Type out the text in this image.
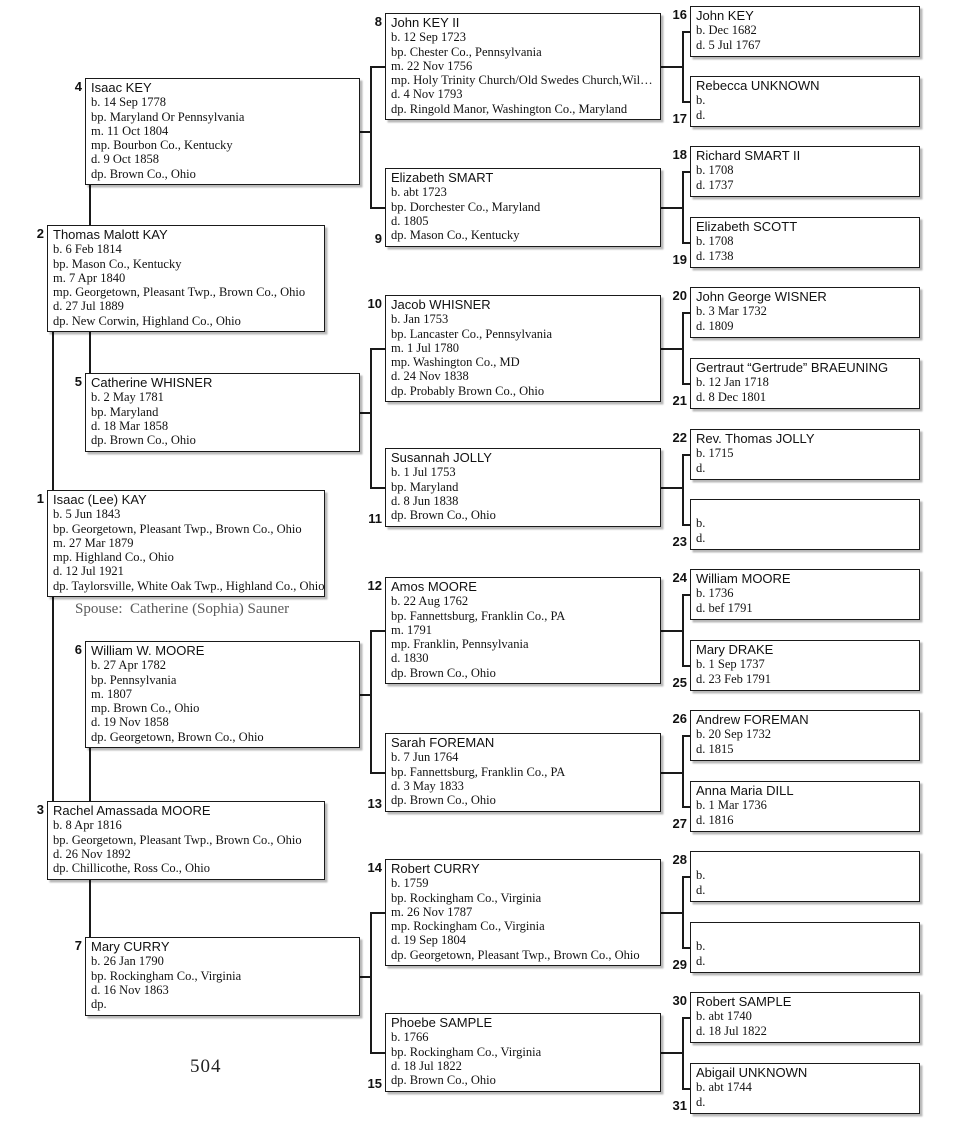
Spouse:  Catherine (Sophia) Sauner
504
Isaac (Lee) KAY
b. 5 Jun 1843
bp. Georgetown, Pleasant Twp., Brown Co., Ohio
m. 27 Mar 1879
mp. Highland Co., Ohio
d. 12 Jul 1921
dp. Taylorsville, White Oak Twp., Highland Co., Ohio
1
Thomas Malott KAY
b. 6 Feb 1814
bp. Mason Co., Kentucky
m. 7 Apr 1840
mp. Georgetown, Pleasant Twp., Brown Co., Ohio
d. 27 Jul 1889
dp. New Corwin, Highland Co., Ohio
2
Rachel Amassada MOORE
b. 8 Apr 1816
bp. Georgetown, Pleasant Twp., Brown Co., Ohio
d. 26 Nov 1892
dp. Chillicothe, Ross Co., Ohio
3
Isaac KEY
b. 14 Sep 1778
bp. Maryland Or Pennsylvania
m. 11 Oct 1804
mp. Bourbon Co., Kentucky
d. 9 Oct 1858
dp. Brown Co., Ohio
4
Catherine WHISNER
b. 2 May 1781
bp. Maryland
d. 18 Mar 1858
dp. Brown Co., Ohio
5
William W. MOORE
b. 27 Apr 1782
bp. Pennsylvania
m. 1807
mp. Brown Co., Ohio
d. 19 Nov 1858
dp. Georgetown, Brown Co., Ohio
6
Mary CURRY
b. 26 Jan 1790
bp. Rockingham Co., Virginia
d. 16 Nov 1863
dp.
7
John KEY II
b. 12 Sep 1723
bp. Chester Co., Pennsylvania
m. 22 Nov 1756
mp. Holy Trinity Church/Old Swedes Church,Wil…
d. 4 Nov 1793
dp. Ringold Manor, Washington Co., Maryland
8
Elizabeth SMART
b. abt 1723
bp. Dorchester Co., Maryland
d. 1805
dp. Mason Co., Kentucky
9
Jacob WHISNER
b. Jan 1753
bp. Lancaster Co., Pennsylvania
m. 1 Jul 1780
mp. Washington Co., MD
d. 24 Nov 1838
dp. Probably Brown Co., Ohio
10
Susannah JOLLY
b. 1 Jul 1753
bp. Maryland
d. 8 Jun 1838
dp. Brown Co., Ohio
11
Amos MOORE
b. 22 Aug 1762
bp. Fannettsburg, Franklin Co., PA
m. 1791
mp. Franklin, Pennsylvania
d. 1830
dp. Brown Co., Ohio
12
Sarah FOREMAN
b. 7 Jun 1764
bp. Fannettsburg, Franklin Co., PA
d. 3 May 1833
dp. Brown Co., Ohio
13
Robert CURRY
b. 1759
bp. Rockingham Co., Virginia
m. 26 Nov 1787
mp. Rockingham Co., Virginia
d. 19 Sep 1804
dp. Georgetown, Pleasant Twp., Brown Co., Ohio
14
Phoebe SAMPLE
b. 1766
bp. Rockingham Co., Virginia
d. 18 Jul 1822
dp. Brown Co., Ohio
15
John KEY
b. Dec 1682
d. 5 Jul 1767
16
Rebecca UNKNOWN
b.
d.
17
Richard SMART II
b. 1708
d. 1737
18
Elizabeth SCOTT
b. 1708
d. 1738
19
John George WISNER
b. 3 Mar 1732
d. 1809
20
Gertraut “Gertrude” BRAEUNING
b. 12 Jan 1718
d. 8 Dec 1801
21
Rev. Thomas JOLLY
b. 1715
d.
22
b.
d.
23
William MOORE
b. 1736
d. bef 1791
24
Mary DRAKE
b. 1 Sep 1737
d. 23 Feb 1791
25
Andrew FOREMAN
b. 20 Sep 1732
d. 1815
26
Anna Maria DILL
b. 1 Mar 1736
d. 1816
27
b.
d.
28
b.
d.
29
Robert SAMPLE
b. abt 1740
d. 18 Jul 1822
30
Abigail UNKNOWN
b. abt 1744
d.
31
